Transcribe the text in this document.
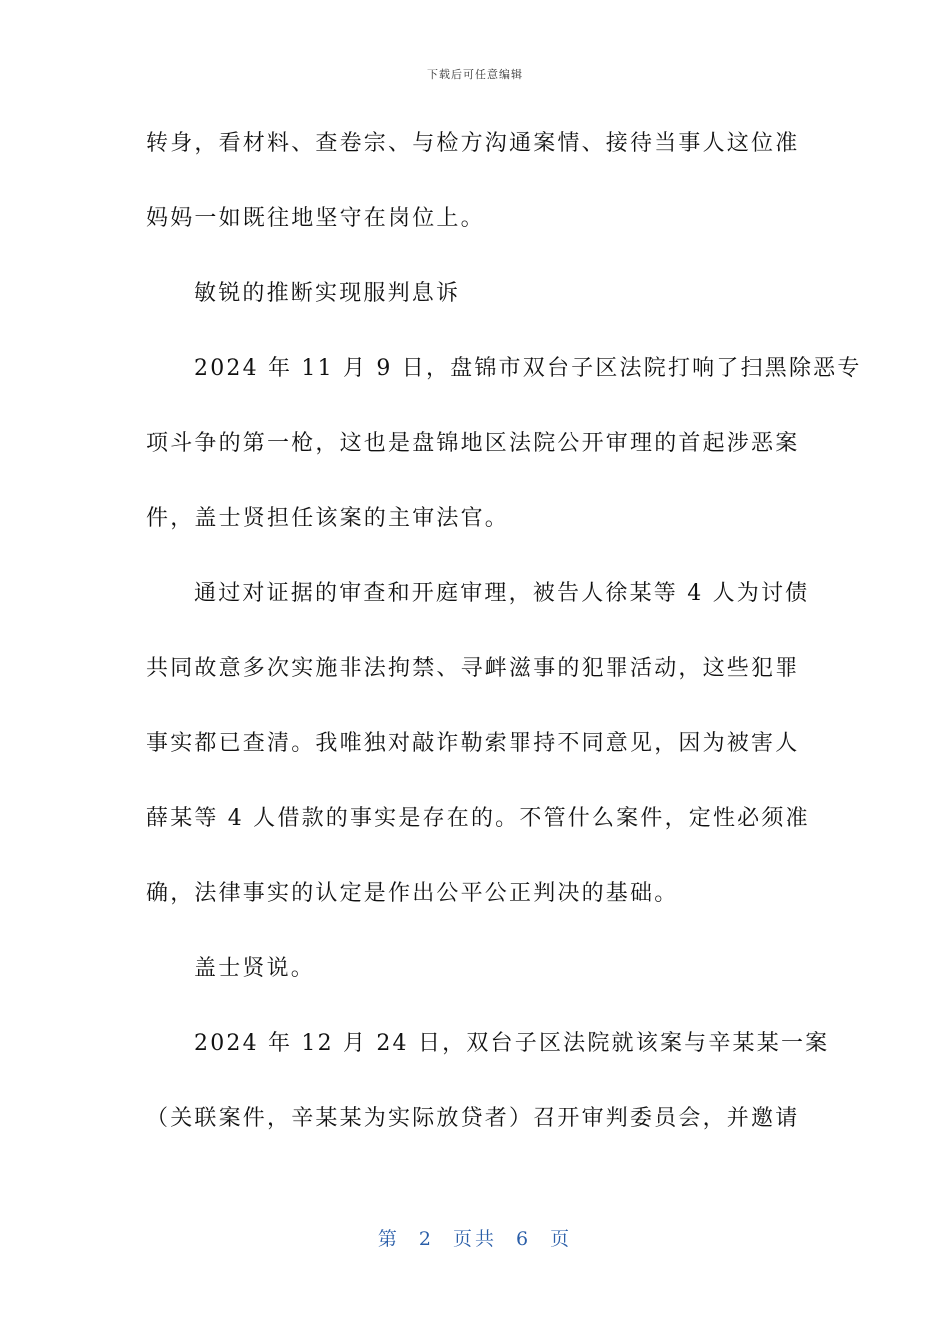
下载后可任意编辑
转身，看材料、查卷宗、与检方沟通案情、接待当事人这位准
妈妈一如既往地坚守在岗位上。
敏锐的推断实现服判息诉
2024 年 11 月 9 日，盘锦市双台子区法院打响了扫黑除恶专
项斗争的第一枪，这也是盘锦地区法院公开审理的首起涉恶案
件，盖士贤担任该案的主审法官。
通过对证据的审查和开庭审理，被告人徐某等 4 人为讨债
共同故意多次实施非法拘禁、寻衅滋事的犯罪活动，这些犯罪
事实都已查清。我唯独对敲诈勒索罪持不同意见，因为被害人
薛某等 4 人借款的事实是存在的。不管什么案件，定性必须准
确，法律事实的认定是作出公平公正判决的基础。
盖士贤说。
2024 年 12 月 24 日，双台子区法院就该案与辛某某一案
（关联案件，辛某某为实际放贷者）召开审判委员会，并邀请
第 2 页共 6 页
